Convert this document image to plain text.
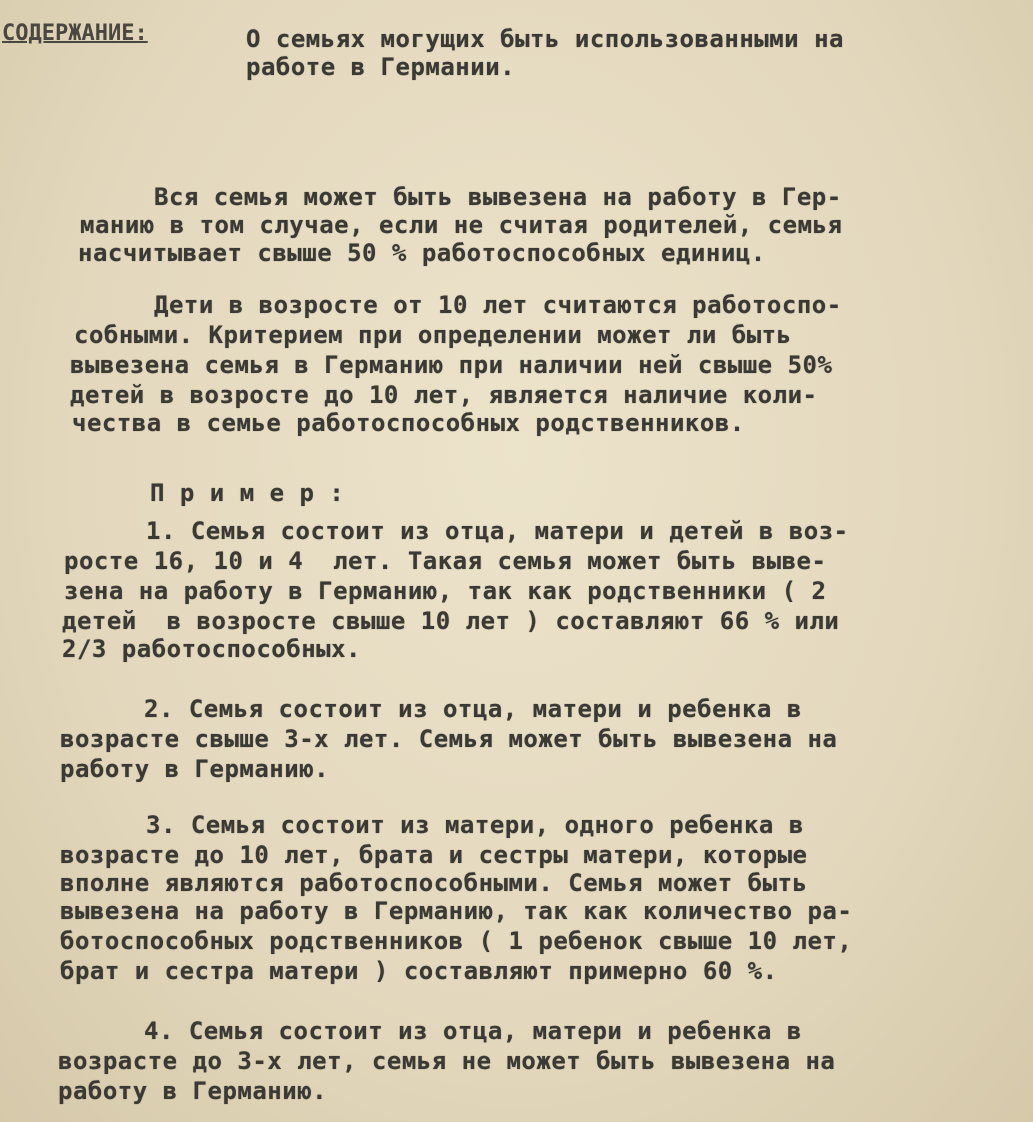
СОДЕРЖАНИЕ:	О семьях могущих быть использованными на
работе в Германии.
Вся семья может быть вывезена на работу в Гер-
манию в том случае, если не считая родителей, семья
насчитывает свыше 50 % работоспособных единиц.
Дети в возросте от 10 лет считаются работоспо-
собными. Критерием при определении может ли быть
вывезена семья в Германию при наличии ней свыше 50%
детей в возросте до 10 лет, является наличие коли-
чества в семье работоспособных родственников.
П р и м е р :
1. Семья состоит из отца, матери и детей в воз-
росте 16, 10 и 4  лет. Такая семья может быть выве-
зена на работу в Германию, так как родственники ( 2
детей  в возросте свыше 10 лет ) составляют 66 % или
2/3 работоспособных.
2. Семья состоит из отца, матери и ребенка в
возрасте свыше 3-х лет. Семья может быть вывезена на
работу в Германию.
3. Семья состоит из матери, одного ребенка в
возрасте до 10 лет, брата и сестры матери, которые
вполне являются работоспособными. Семья может быть
вывезена на работу в Германию, так как количество ра-
ботоспособных родственников ( 1 ребенок свыше 10 лет,
брат и сестра матери ) составляют примерно 60 %.
4. Семья состоит из отца, матери и ребенка в
возрасте до 3-х лет, семья не может быть вывезена на
работу в Германию.
